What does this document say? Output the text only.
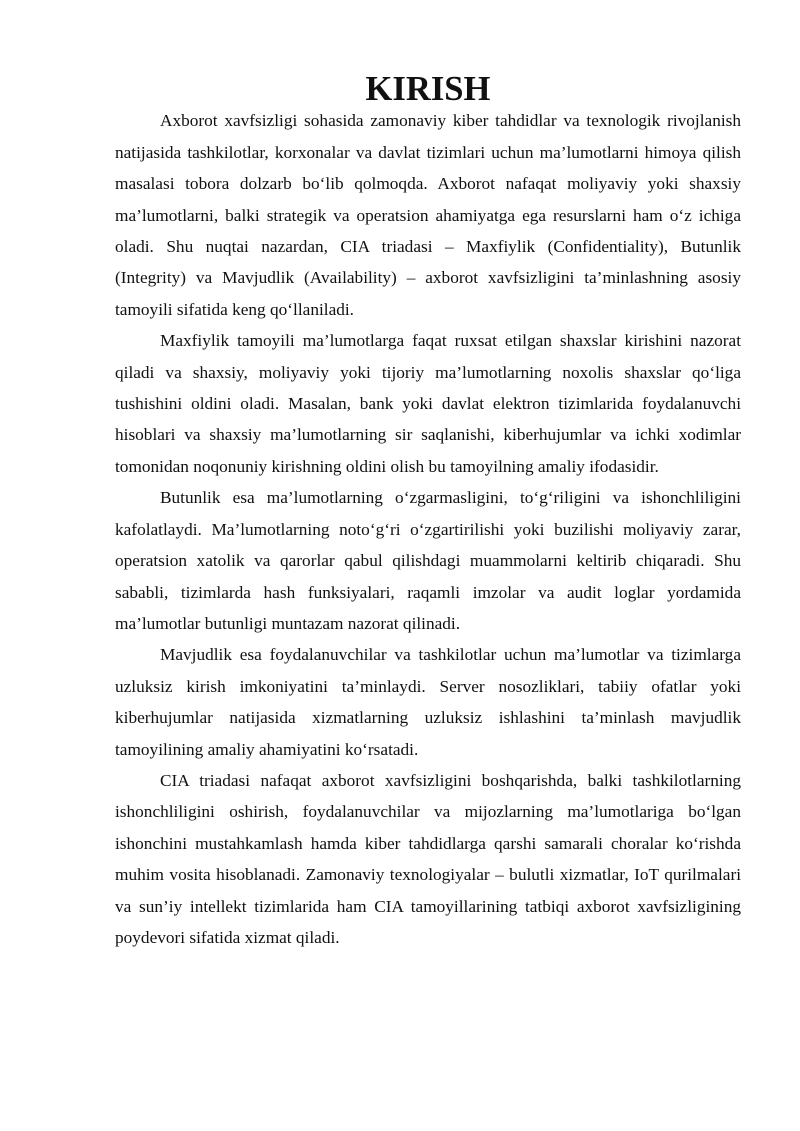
KIRISH

Axborot xavfsizligi sohasida zamonaviy kiber tahdidlar va texnologik rivojlanish natijasida tashkilotlar, korxonalar va davlat tizimlari uchun ma’lumotlarni himoya qilish masalasi tobora dolzarb bo‘lib qolmoqda. Axborot nafaqat moliyaviy yoki shaxsiy ma’lumotlarni, balki strategik va operatsion ahamiyatga ega resurslarni ham o‘z ichiga oladi. Shu nuqtai nazardan, CIA triadasi – Maxfiylik (Confidentiality), Butunlik (Integrity) va Mavjudlik (Availability) – axborot xavfsizligini ta’minlashning asosiy tamoyili sifatida keng qo‘llaniladi.

Maxfiylik tamoyili ma’lumotlarga faqat ruxsat etilgan shaxslar kirishini nazorat qiladi va shaxsiy, moliyaviy yoki tijoriy ma’lumotlarning noxolis shaxslar qo‘liga tushishini oldini oladi. Masalan, bank yoki davlat elektron tizimlarida foydalanuvchi hisoblari va shaxsiy ma’lumotlarning sir saqlanishi, kiberhujumlar va ichki xodimlar tomonidan noqonuniy kirishning oldini olish bu tamoyilning amaliy ifodasidir.

Butunlik esa ma’lumotlarning o‘zgarmasligini, to‘g‘riligini va ishonchliligini kafolatlaydi. Ma’lumotlarning noto‘g‘ri o‘zgartirilishi yoki buzilishi moliyaviy zarar, operatsion xatolik va qarorlar qabul qilishdagi muammolarni keltirib chiqaradi. Shu sababli, tizimlarda hash funksiyalari, raqamli imzolar va audit loglar yordamida ma’lumotlar butunligi muntazam nazorat qilinadi.

Mavjudlik esa foydalanuvchilar va tashkilotlar uchun ma’lumotlar va tizimlarga uzluksiz kirish imkoniyatini ta’minlaydi. Server nosozliklari, tabiiy ofatlar yoki kiberhujumlar natijasida xizmatlarning uzluksiz ishlashini ta’minlash mavjudlik tamoyilining amaliy ahamiyatini ko‘rsatadi.

CIA triadasi nafaqat axborot xavfsizligini boshqarishda, balki tashkilotlarning ishonchliligini oshirish, foydalanuvchilar va mijozlarning ma’lumotlariga bo‘lgan ishonchini mustahkamlash hamda kiber tahdidlarga qarshi samarali choralar ko‘rishda muhim vosita hisoblanadi. Zamonaviy texnologiyalar – bulutli xizmatlar, IoT qurilmalari va sun’iy intellekt tizimlarida ham CIA tamoyillarining tatbiqi axborot xavfsizligining poydevori sifatida xizmat qiladi.
